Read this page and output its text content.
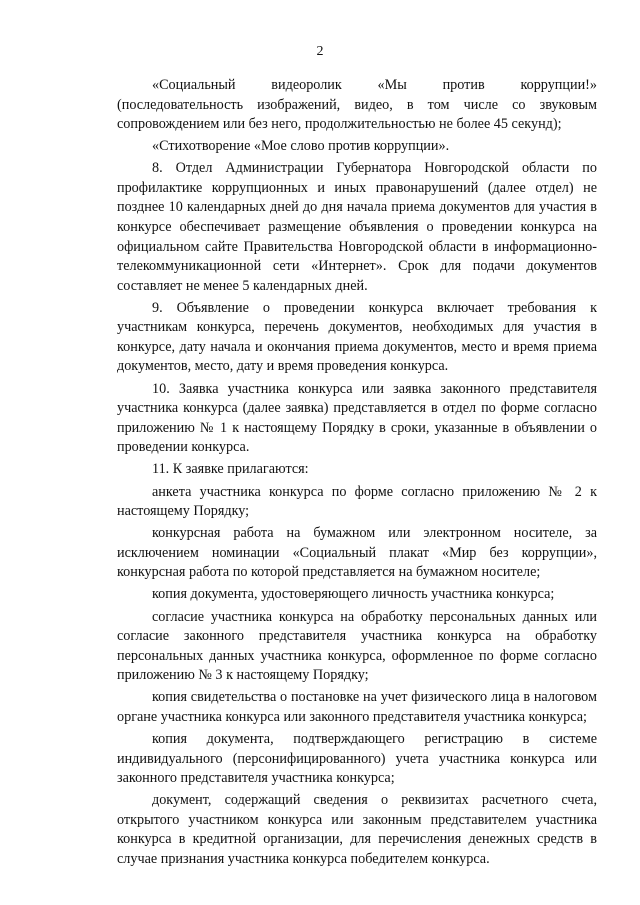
2

«Социальный видеоролик «Мы против коррупции!» (последовательность изображений, видео, в том числе со звуковым сопровождением или без него, продолжительностью не более 45 секунд);

«Стихотворение «Мое слово против коррупции».

8. Отдел Администрации Губернатора Новгородской области по профилактике коррупционных и иных правонарушений (далее отдел) не позднее 10 календарных дней до дня начала приема документов для участия в конкурсе обеспечивает размещение объявления о проведении конкурса на официальном сайте Правительства Новгородской области в информационно-телекоммуникационной сети «Интернет». Срок для подачи документов составляет не менее 5 календарных дней.

9. Объявление о проведении конкурса включает требования к участникам конкурса, перечень документов, необходимых для участия в конкурсе, дату начала и окончания приема документов, место и время приема документов, место, дату и время проведения конкурса.

10. Заявка участника конкурса или заявка законного представителя участника конкурса (далее заявка) представляется в отдел по форме согласно приложению № 1 к настоящему Порядку в сроки, указанные в объявлении о проведении конкурса.

11. К заявке прилагаются:

анкета участника конкурса по форме согласно приложению № 2 к настоящему Порядку;

конкурсная работа на бумажном или электронном носителе, за исключением номинации «Социальный плакат «Мир без коррупции», конкурсная работа по которой представляется на бумажном носителе;

копия документа, удостоверяющего личность участника конкурса;

согласие участника конкурса на обработку персональных данных или согласие законного представителя участника конкурса на обработку персональных данных участника конкурса, оформленное по форме согласно приложению № 3 к настоящему Порядку;

копия свидетельства о постановке на учет физического лица в налоговом органе участника конкурса или законного представителя участника конкурса;

копия документа, подтверждающего регистрацию в системе индивидуального (персонифицированного) учета участника конкурса или законного представителя участника конкурса;

документ, содержащий сведения о реквизитах расчетного счета, открытого участником конкурса или законным представителем участника конкурса в кредитной организации, для перечисления денежных средств в случае признания участника конкурса победителем конкурса.
